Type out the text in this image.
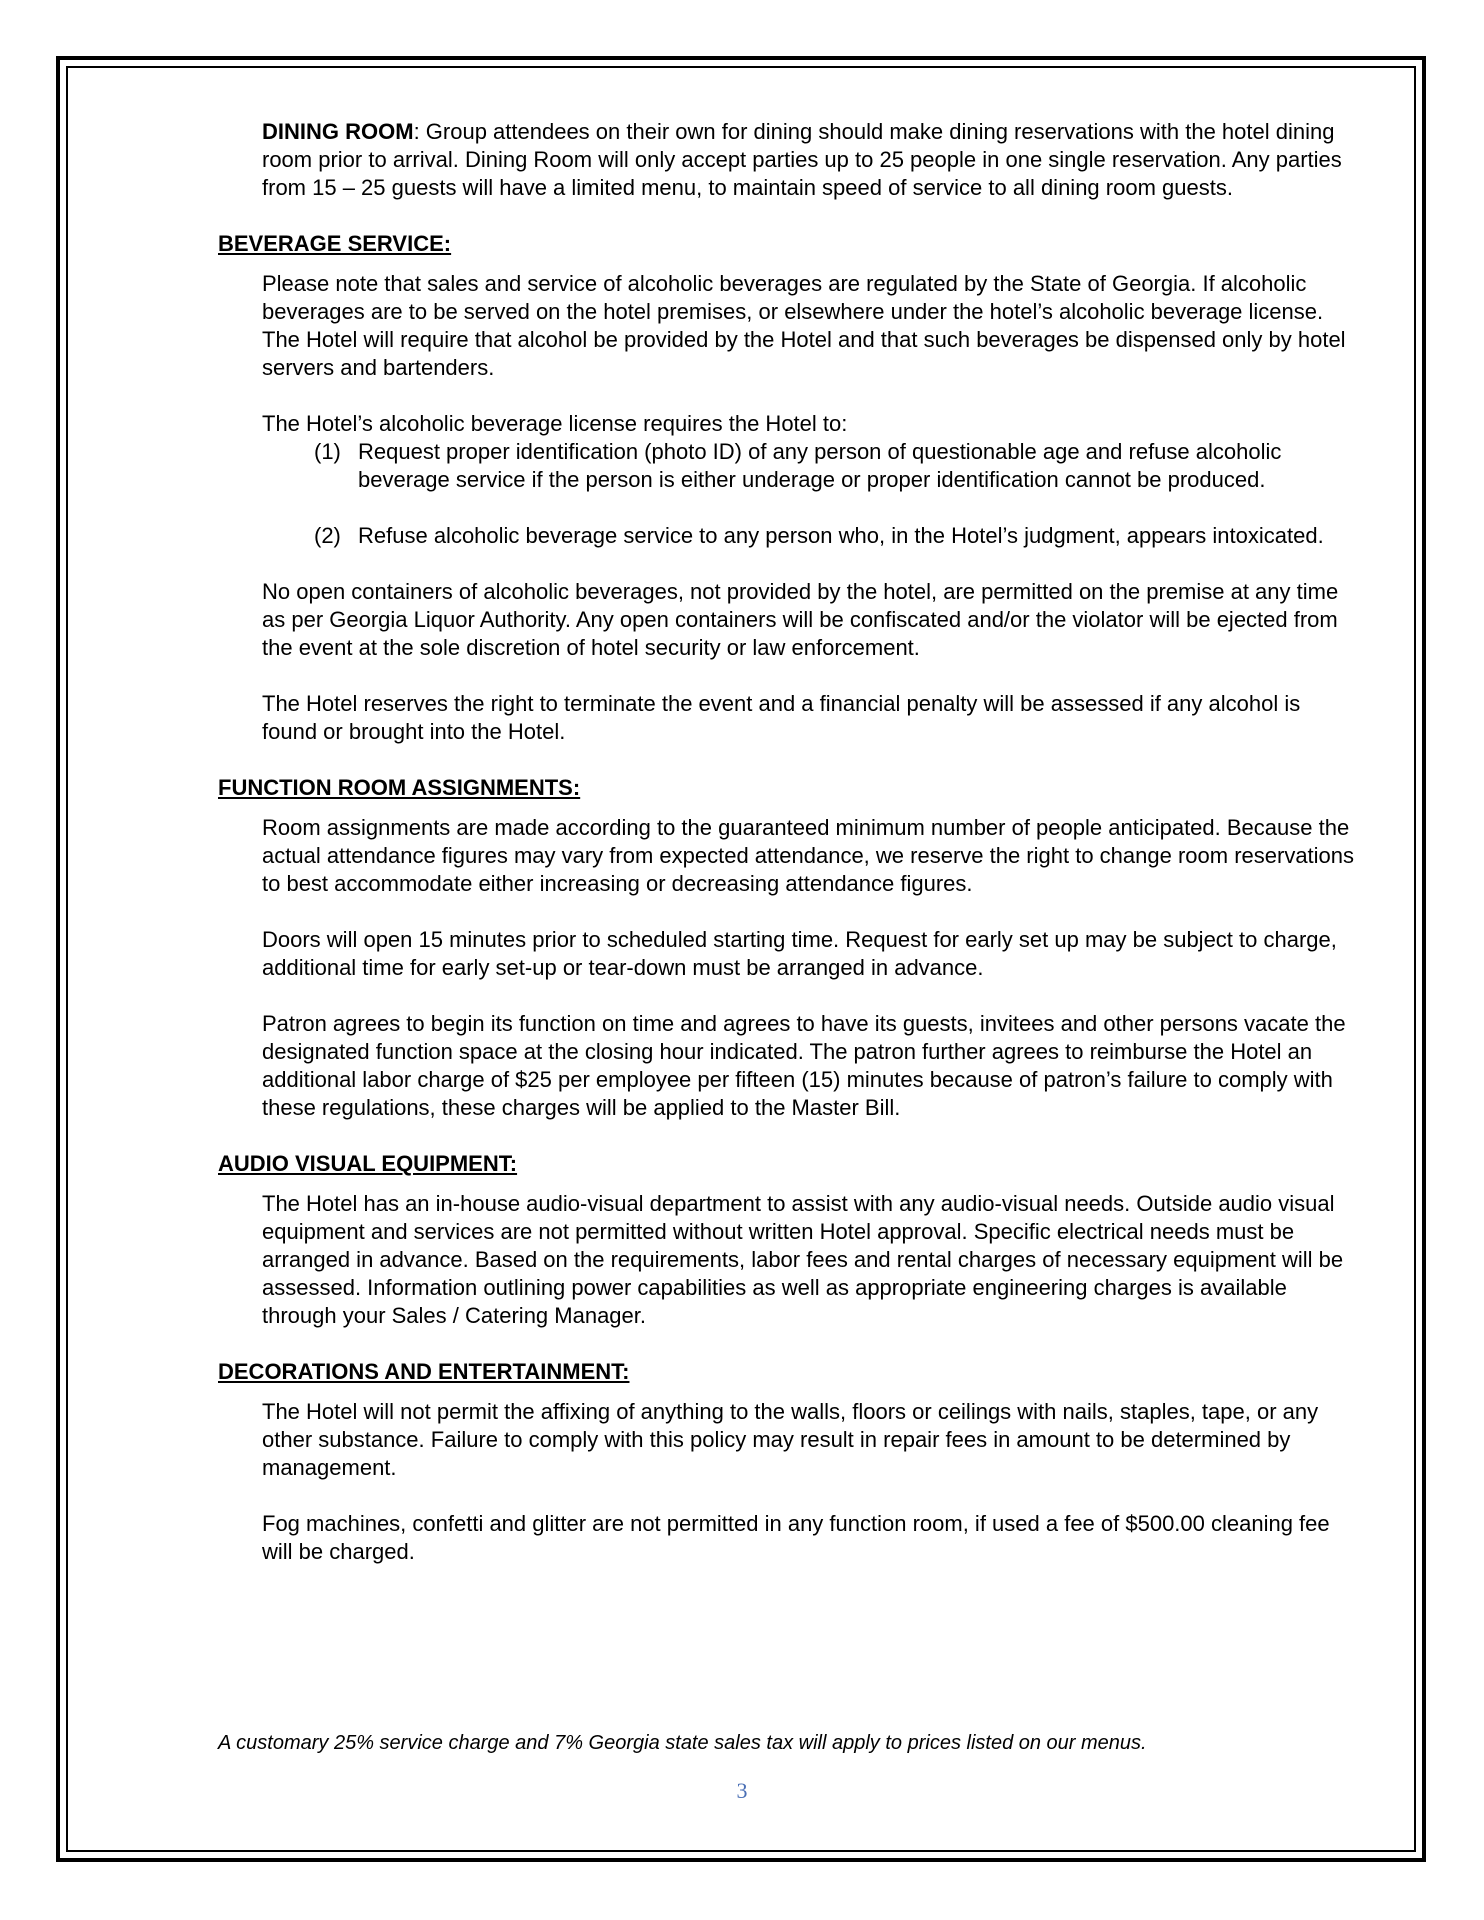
DINING ROOM: Group attendees on their own for dining should make dining reservations with the hotel dining room prior to arrival. Dining Room will only accept parties up to 25 people in one single reservation. Any parties from 15 – 25 guests will have a limited menu, to maintain speed of service to all dining room guests.

BEVERAGE SERVICE:

Please note that sales and service of alcoholic beverages are regulated by the State of Georgia. If alcoholic beverages are to be served on the hotel premises, or elsewhere under the hotel’s alcoholic beverage license. The Hotel will require that alcohol be provided by the Hotel and that such beverages be dispensed only by hotel servers and bartenders.

The Hotel’s alcoholic beverage license requires the Hotel to:

(1) Request proper identification (photo ID) of any person of questionable age and refuse alcoholic beverage service if the person is either underage or proper identification cannot be produced.
(2) Refuse alcoholic beverage service to any person who, in the Hotel’s judgment, appears intoxicated.

No open containers of alcoholic beverages, not provided by the hotel, are permitted on the premise at any time as per Georgia Liquor Authority. Any open containers will be confiscated and/or the violator will be ejected from the event at the sole discretion of hotel security or law enforcement.

The Hotel reserves the right to terminate the event and a financial penalty will be assessed if any alcohol is found or brought into the Hotel.

FUNCTION ROOM ASSIGNMENTS:

Room assignments are made according to the guaranteed minimum number of people anticipated. Because the actual attendance figures may vary from expected attendance, we reserve the right to change room reservations to best accommodate either increasing or decreasing attendance figures.

Doors will open 15 minutes prior to scheduled starting time. Request for early set up may be subject to charge, additional time for early set-up or tear-down must be arranged in advance.

Patron agrees to begin its function on time and agrees to have its guests, invitees and other persons vacate the designated function space at the closing hour indicated. The patron further agrees to reimburse the Hotel an additional labor charge of $25 per employee per fifteen (15) minutes because of patron’s failure to comply with these regulations, these charges will be applied to the Master Bill.

AUDIO VISUAL EQUIPMENT:

The Hotel has an in-house audio-visual department to assist with any audio-visual needs. Outside audio visual equipment and services are not permitted without written Hotel approval. Specific electrical needs must be arranged in advance. Based on the requirements, labor fees and rental charges of necessary equipment will be assessed. Information outlining power capabilities as well as appropriate engineering charges is available through your Sales / Catering Manager.

DECORATIONS AND ENTERTAINMENT:

The Hotel will not permit the affixing of anything to the walls, floors or ceilings with nails, staples, tape, or any other substance. Failure to comply with this policy may result in repair fees in amount to be determined by management.

Fog machines, confetti and glitter are not permitted in any function room, if used a fee of $500.00 cleaning fee will be charged.

A customary 25% service charge and 7% Georgia state sales tax will apply to prices listed on our menus.
3
